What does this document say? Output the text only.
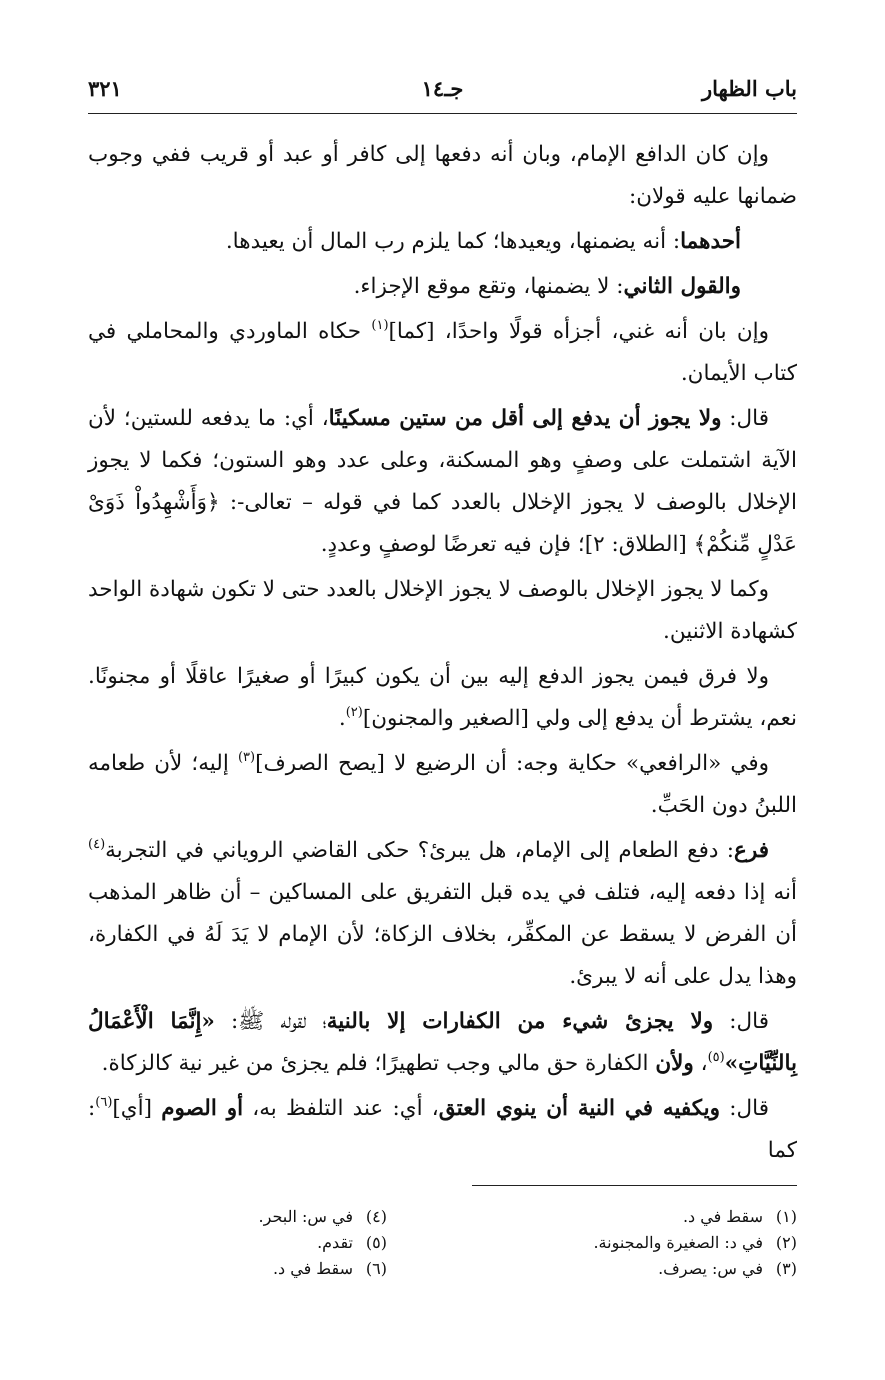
باب الظهار
جـ١٤
٣٢١

وإن كان الدافع الإمام، وبان أنه دفعها إلى كافر أو عبد أو قريب ففي وجوب ضمانها عليه قولان:

أحدهما: أنه يضمنها، ويعيدها؛ كما يلزم رب المال أن يعيدها.

والقول الثاني: لا يضمنها، وتقع موقع الإجزاء.

وإن بان أنه غني، أجزأه قولًا واحدًا، [كما]$^{(١)}$ حكاه الماوردي والمحاملي في كتاب الأيمان.

قال: ولا يجوز أن يدفع إلى أقل من ستين مسكينًا، أي: ما يدفعه للستين؛ لأن الآية اشتملت على وصفٍ وهو المسكنة، وعلى عدد وهو الستون؛ فكما لا يجوز الإخلال بالوصف لا يجوز الإخلال بالعدد كما في قوله – تعالى-: ﴿وَأَشْهِدُواْ ذَوَىْ عَدْلٍ مِّنكُمْ﴾ [الطلاق: ٢]؛ فإن فيه تعرضًا لوصفٍ وعددٍ.

وكما لا يجوز الإخلال بالوصف لا يجوز الإخلال بالعدد حتى لا تكون شهادة الواحد كشهادة الاثنين.

ولا فرق فيمن يجوز الدفع إليه بين أن يكون كبيرًا أو صغيرًا عاقلًا أو مجنونًا. نعم، يشترط أن يدفع إلى ولي [الصغير والمجنون]$^{(٢)}$.

وفي «الرافعي» حكاية وجه: أن الرضيع لا [يصح الصرف]$^{(٣)}$ إليه؛ لأن طعامه اللبنُ دون الحَبِّ.

فرع: دفع الطعام إلى الإمام، هل يبرئ؟ حكى القاضي الروياني في التجربة$^{(٤)}$ أنه إذا دفعه إليه، فتلف في يده قبل التفريق على المساكين – أن ظاهر المذهب أن الفرض لا يسقط عن المكفِّر، بخلاف الزكاة؛ لأن الإمام لا يَدَ لَهُ في الكفارة، وهذا يدل على أنه لا يبرئ.

قال: ولا يجزئ شيء من الكفارات إلا بالنية؛ لقوله ﷺ: «إِنَّمَا الْأَعْمَالُ بِالنِّيَّاتِ»$^{(٥)}$، ولأن الكفارة حق مالي وجب تطهيرًا؛ فلم يجزئ من غير نية كالزكاة.

قال: ويكفيه في النية أن ينوي العتق، أي: عند التلفظ به، أو الصوم [أي]$^{(٦)}$: كما

(١)سقط في د.
(٢)في د: الصغيرة والمجنونة.
(٣)في س: يصرف.
(٤)في س: البحر.
(٥)تقدم.
(٦)سقط في د.
